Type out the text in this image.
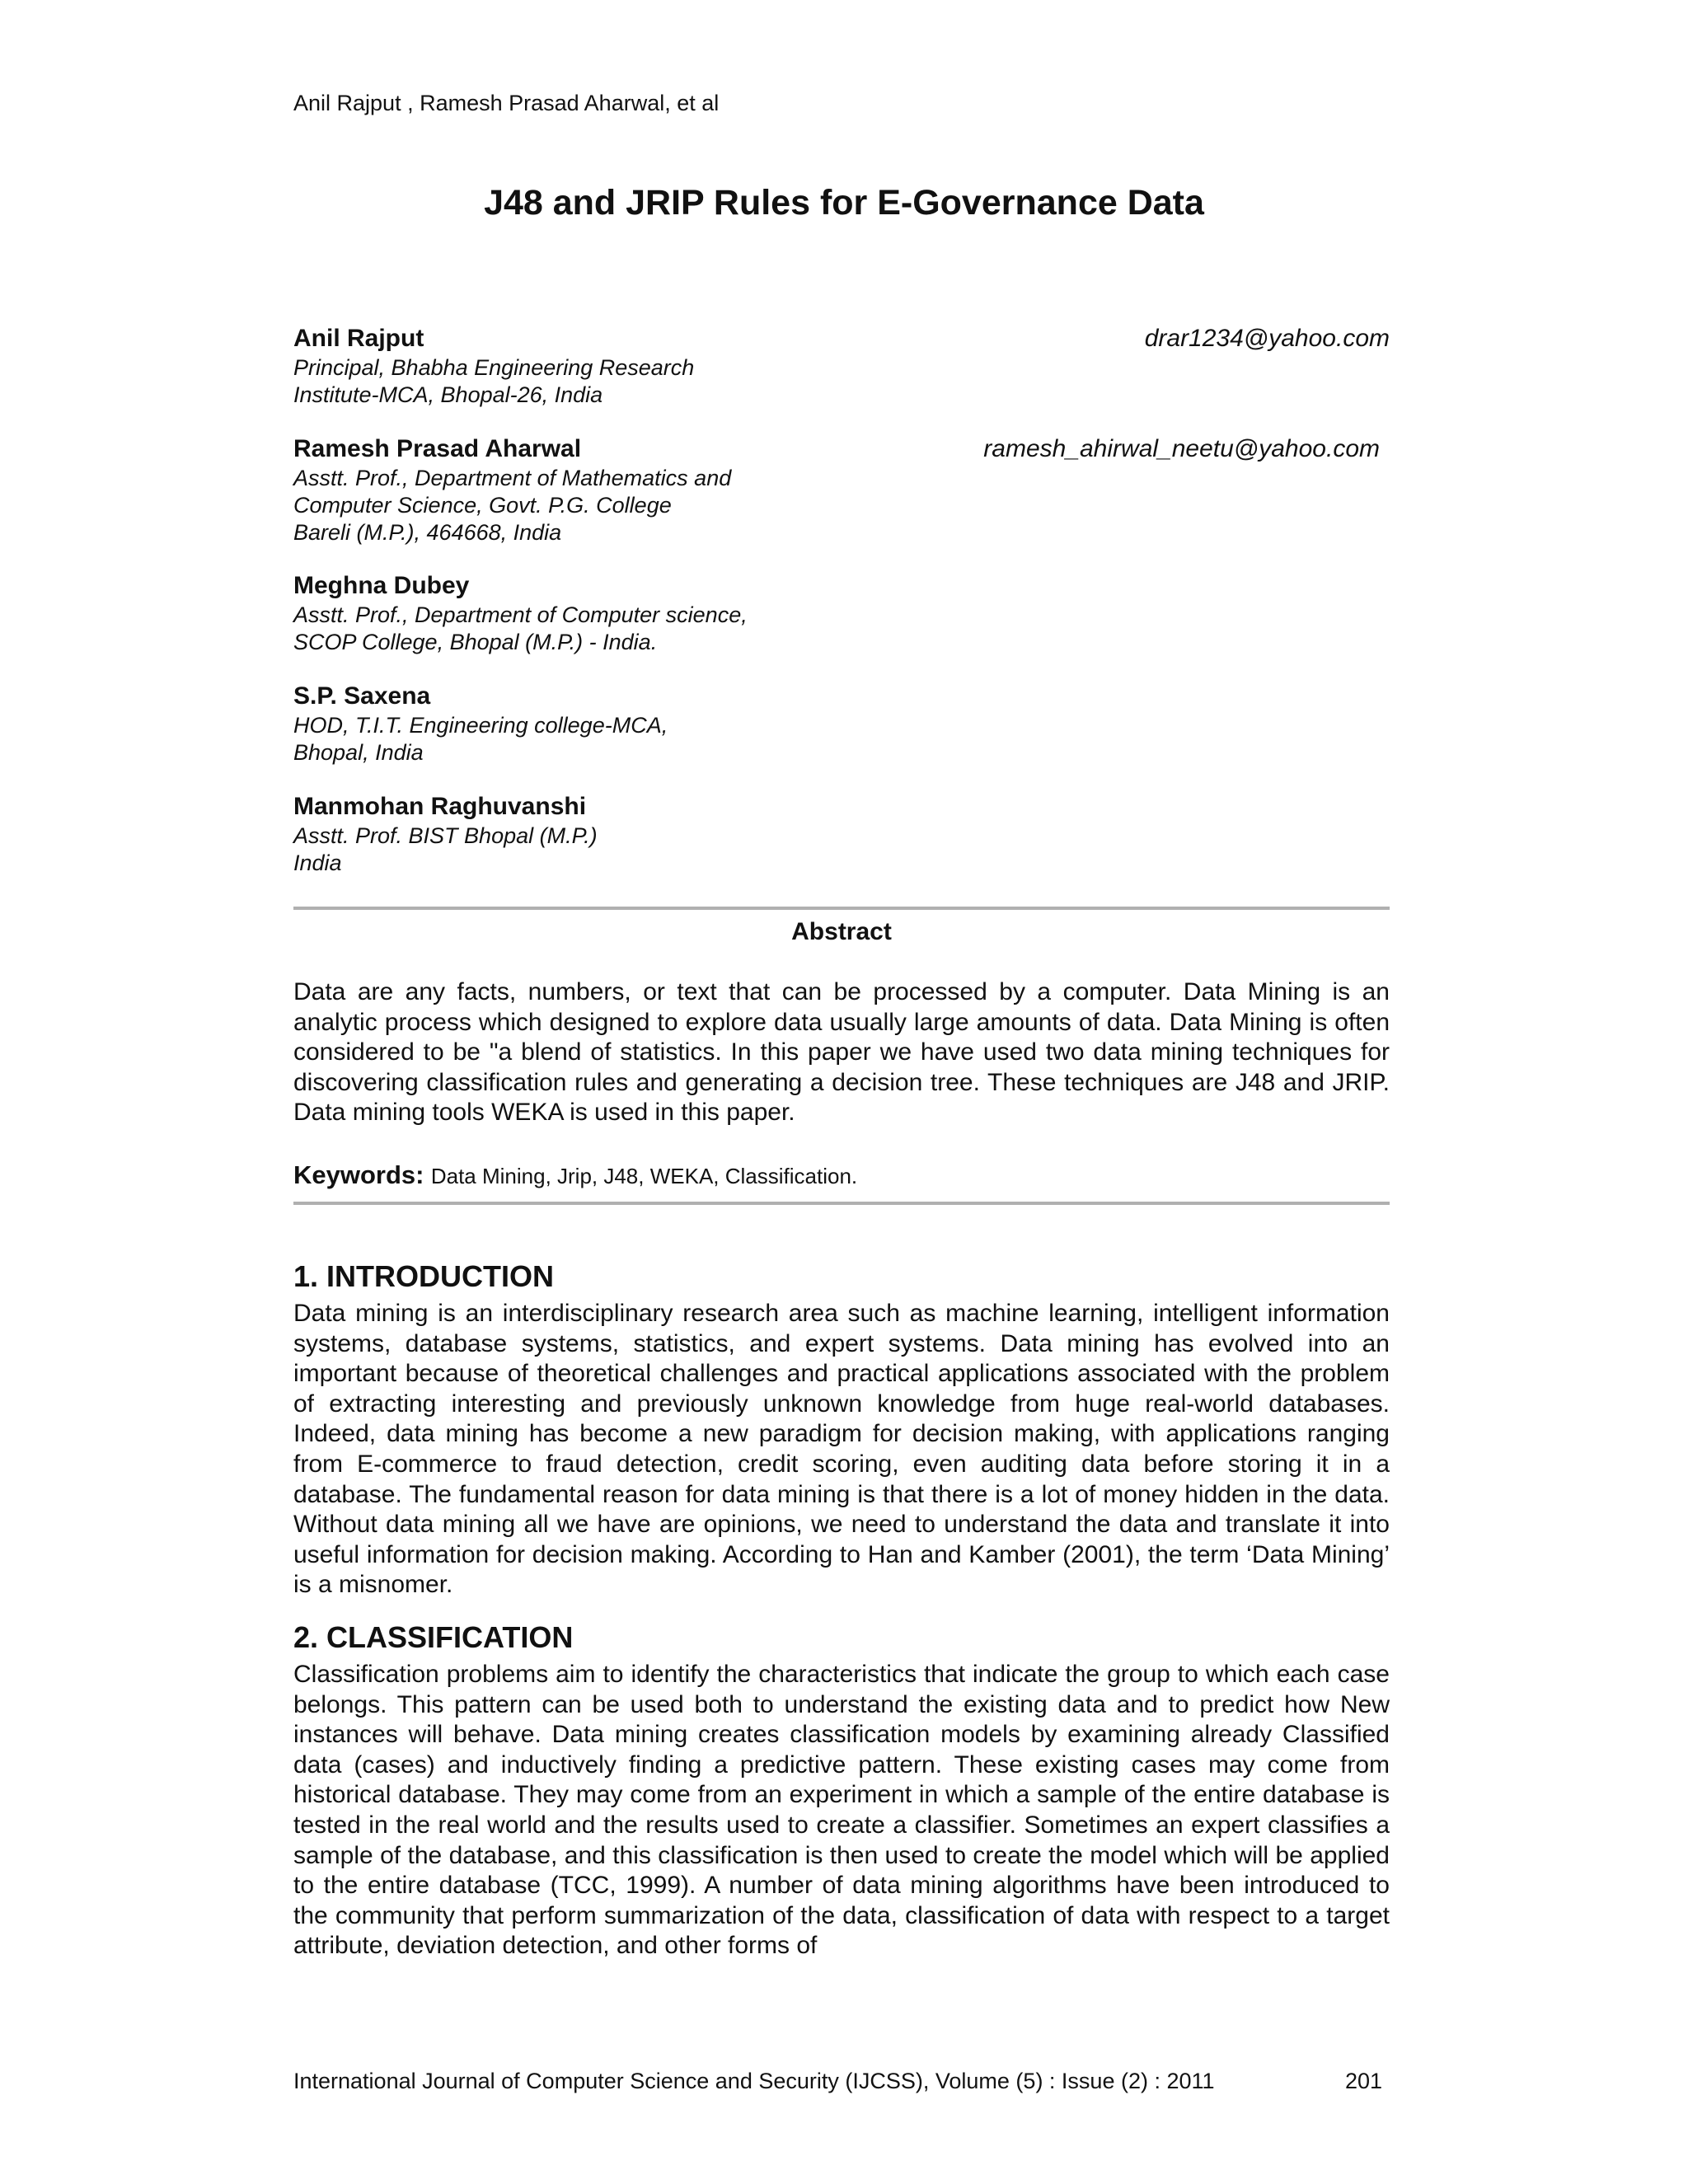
Anil Rajput , Ramesh Prasad Aharwal, et al
J48 and JRIP Rules for E-Governance Data
Anil Rajput
Principal, Bhabha Engineering Research
Institute-MCA, Bhopal-26, India
drar1234@yahoo.com
Ramesh Prasad Aharwal
Asstt. Prof., Department of Mathematics and
Computer Science, Govt. P.G. College
Bareli (M.P.), 464668, India
ramesh_ahirwal_neetu@yahoo.com
Meghna Dubey
Asstt. Prof., Department of Computer science,
SCOP College, Bhopal (M.P.) - India.
S.P. Saxena
HOD, T.I.T. Engineering college-MCA,
Bhopal, India
Manmohan Raghuvanshi
Asstt. Prof. BIST Bhopal (M.P.)
India
Abstract
Data are any facts, numbers, or text that can be processed by a computer. Data Mining is an analytic process which designed to explore data usually large amounts of data. Data Mining is often considered to be "a blend of statistics. In this paper we have used two data mining techniques for discovering classification rules and generating a decision tree. These techniques are J48 and JRIP. Data mining tools WEKA is used in this paper.
Keywords: Data Mining, Jrip, J48, WEKA, Classification.
1. INTRODUCTION
Data mining is an interdisciplinary research area such as machine learning, intelligent information systems, database systems, statistics, and expert systems. Data mining has evolved into an important because of theoretical challenges and practical applications associated with the problem of extracting interesting and previously unknown knowledge from huge real-world databases. Indeed, data mining has become a new paradigm for decision making, with applications ranging from E-commerce to fraud detection, credit scoring, even auditing data before storing it in a database. The fundamental reason for data mining is that there is a lot of money hidden in the data. Without data mining all we have are opinions, we need to understand the data and translate it into useful information for decision making. According to Han and Kamber (2001), the term ‘Data Mining’ is a misnomer.
2. CLASSIFICATION
Classification problems aim to identify the characteristics that indicate the group to which each case belongs. This pattern can be used both to understand the existing data and to predict how New instances will behave. Data mining creates classification models by examining already Classified data (cases) and inductively finding a predictive pattern. These existing cases may come from historical database. They may come from an experiment in which a sample of the entire database is tested in the real world and the results used to create a classifier. Sometimes an expert classifies a sample of the database, and this classification is then used to create the model which will be applied to the entire database (TCC, 1999). A number of data mining algorithms have been introduced to the community that perform summarization of the data, classification of data with respect to a target attribute, deviation detection, and other forms of
International Journal of Computer Science and Security (IJCSS), Volume (5) : Issue (2) : 2011	201
